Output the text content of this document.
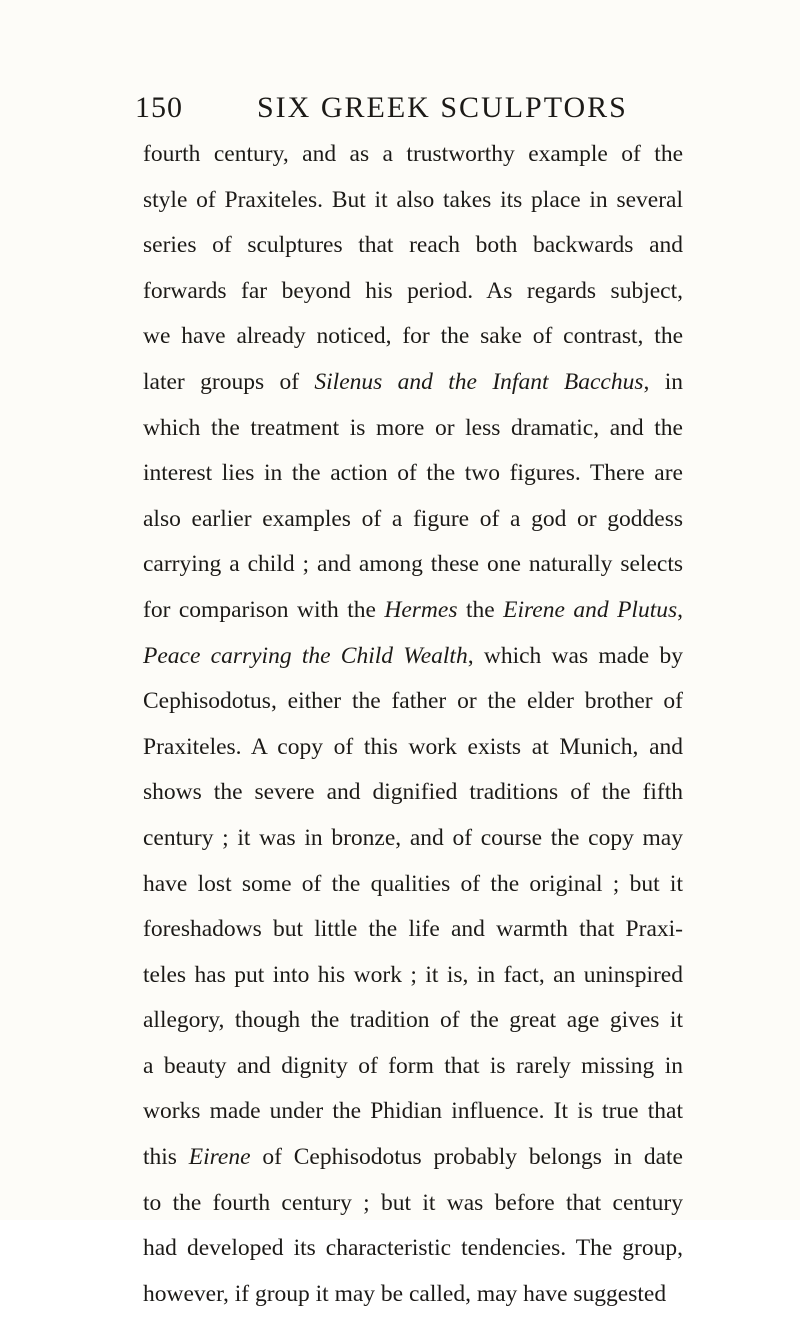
150 SIX GREEK SCULPTORS
fourth century, and as a trustworthy example of the
style of Praxiteles. But it also takes its place in several
series of sculptures that reach both backwards and
forwards far beyond his period. As regards subject,
we have already noticed, for the sake of contrast, the
later groups of Silenus and the Infant Bacchus, in
which the treatment is more or less dramatic, and the
interest lies in the action of the two figures. There are
also earlier examples of a figure of a god or goddess
carrying a child ; and among these one naturally selects
for comparison with the Hermes the Eirene and Plutus,
Peace carrying the Child Wealth, which was made by
Cephisodotus, either the father or the elder brother of
Praxiteles. A copy of this work exists at Munich, and
shows the severe and dignified traditions of the fifth
century ; it was in bronze, and of course the copy may
have lost some of the qualities of the original ; but it
foreshadows but little the life and warmth that Praxi-
teles has put into his work ; it is, in fact, an uninspired
allegory, though the tradition of the great age gives it
a beauty and dignity of form that is rarely missing in
works made under the Phidian influence. It is true that
this Eirene of Cephisodotus probably belongs in date
to the fourth century ; but it was before that century
had developed its characteristic tendencies. The group,
however, if group it may be called, may have suggested
